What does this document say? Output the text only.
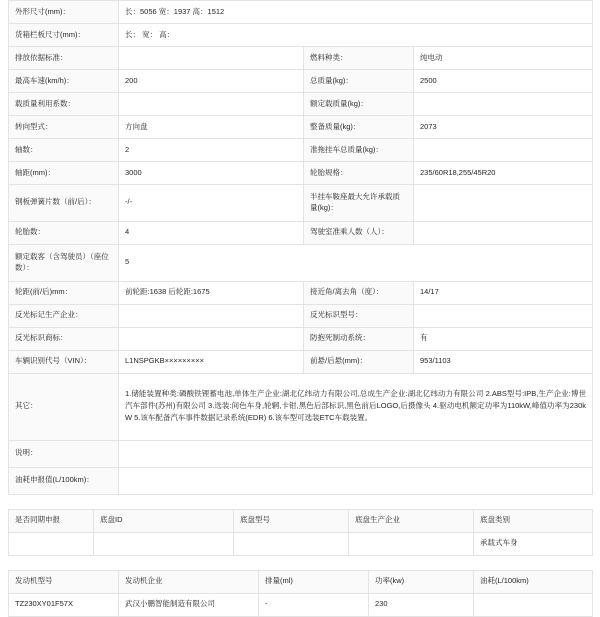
外形尺寸(mm)：	长：5056 宽：1937 高：1512		
货箱栏板尺寸(mm)：	长： 宽： 高：		
排放依据标准：		燃料种类：	纯电动
最高车速(km/h)：	200	总质量(kg)：	2500
载质量利用系数：		额定载质量(kg)：	
转向型式：	方向盘	整备质量(kg)：	2073
轴数：	2	准拖挂车总质量(kg)：	
轴距(mm)：	3000	轮胎规格：	235/60R18,255/45R20
钢板弹簧片数（前/后）：	-/-	半挂车鞍座最大允许承载质量(kg)：	
轮胎数：	4	驾驶室准乘人数（人）：	
额定载客（含驾驶员）（座位数）：	5		
轮距(前/后)mm：	前轮距:1638 后轮距:1675	接近角/离去角（度）：	14/17
反光标记生产企业：		反光标识型号：	
反光标识商标：		防抱死制动系统：	有
车辆识别代号（VIN）：	L1NSPGKB×××××××××	前悬/后悬(mm)：	953/1103
其它：	1.储能装置种类:磷酸铁锂蓄电池,单体生产企业:湖北亿纬动力有限公司,总成生产企业:湖北亿纬动力有限公司 2.ABS型号:IPB,生产企业:博世汽车部件(苏州)有限公司 3.选装:间色车身,轮辋,卡钳,黑色后部标识,黑色前后LOGO,后摄像头 4.驱动电机额定功率为110kW,峰值功率为230kW 5.该车配备汽车事件数据记录系统(EDR) 6.该车型可选装ETC车载装置。		
说明：			
油耗申报值(L/100km)：			
是否同期申报	底盘ID	底盘型号	底盘生产企业	底盘类别
				承载式车身
发动机型号	发动机企业	排量(ml)	功率(kw)	油耗(L/100km)
TZ230XY01F57X	武汉小鹏智能制造有限公司	-	230	
